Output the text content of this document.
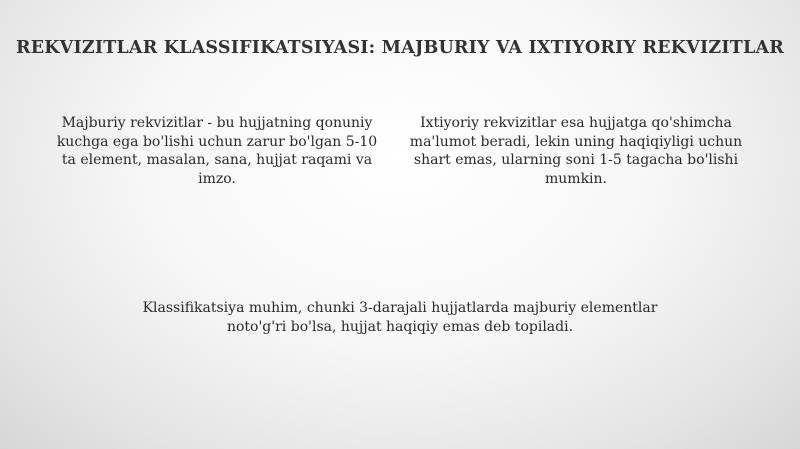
REKVIZITLAR KLASSIFIKATSIYASI: MAJBURIY VA IXTIYORIY REKVIZITLAR
Majburiy rekvizitlar - bu hujjatning qonuniy kuchga ega bo'lishi uchun zarur bo'lgan 5-10 ta element, masalan, sana, hujjat raqami va imzo.
Ixtiyoriy rekvizitlar esa hujjatga qo'shimcha ma'lumot beradi, lekin uning haqiqiyligi uchun shart emas, ularning soni 1-5 tagacha bo'lishi mumkin.
Klassifikatsiya muhim, chunki 3-darajali hujjatlarda majburiy elementlar noto'g'ri bo'lsa, hujjat haqiqiy emas deb topiladi.
